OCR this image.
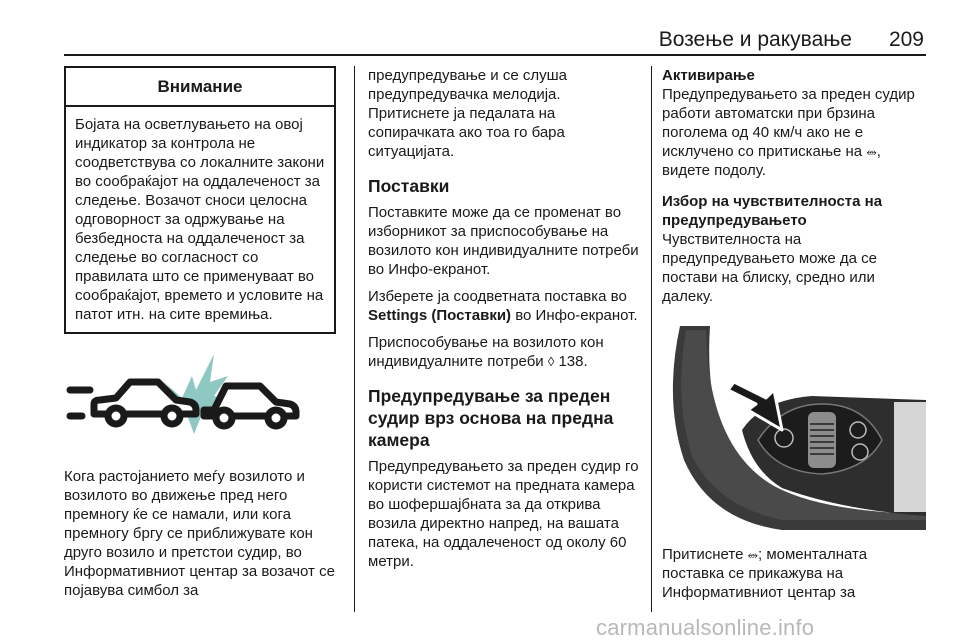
Возење и ракување 209
Внимание
Бојата на осветлувањето на овој индикатор за контрола не соодветствува со локалните закони во сообраќајот на оддалеченост за следење. Возачот сноси целосна одговорност за одржување на безбедноста на оддалеченост за следење во согласност со правилата што се применуваат во сообраќајот, времето и условите на патот итн. на сите времиња.

Кога растојанието меѓу возилото и возилото во движење пред него премногу ќе се намали, или кога премногу бргу се приближувате кон друго возило и претстои судир, во Информативниот центар за возачот се појавува симбол за

предупредување и се слуша предупредувачка мелодија. Притиснете ја педалата на сопирачката ако тоа го бара ситуацијата.

Поставки

Поставките може да се променат во изборникот за приспособување на возилото кон индивидуалните потреби во Инфо-екранот.

Изберете ја соодветната поставка во Settings (Поставки) во Инфо-екранот.

Приспособување на возилото кон индивидуалните потреби ◊ 138.

Предупредување за преден судир врз основа на предна камера

Предупредувањето за преден судир го користи системот на предната камера во шофершајбната за да открива возила директно напред, на вашата патека, на оддалеченост од околу 60 метри.

Активирање

Предупредувањето за преден судир работи автоматски при брзина поголема од 40 км/ч ако не е исклучено со притискање на ⥈, видете подолу.

Избор на чувствителноста на предупредувањето

Чувствителноста на предупредувањето може да се постави на блиску, средно или далеку.

Притиснете ⥈; моменталната поставка се прикажува на Информативниот центар за

carmanualsonline.info
